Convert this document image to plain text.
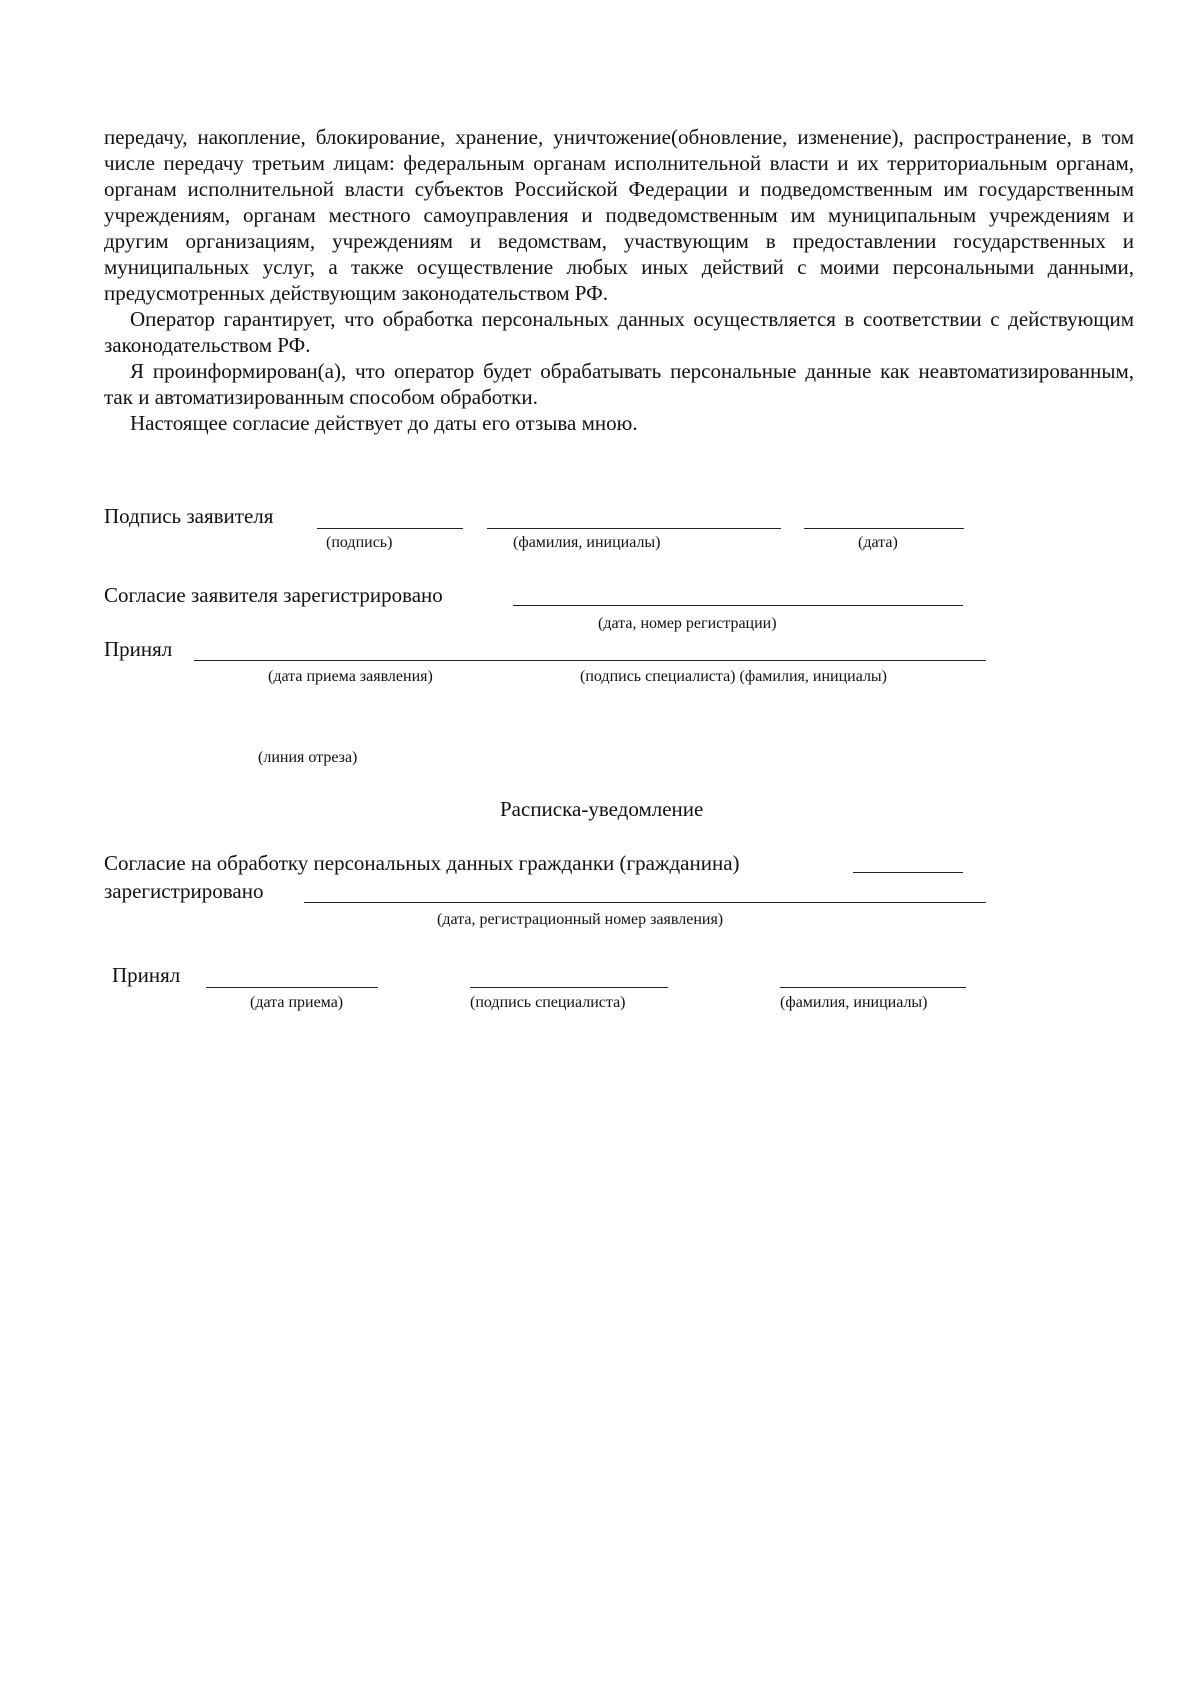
передачу, накопление, блокирование, хранение, уничтожение(обновление, изменение), распространение, в том числе передачу третьим лицам: федеральным органам исполнительной власти и их территориальным органам, органам исполнительной власти субъектов Российской Федерации и подведомственным им государственным учреждениям, органам местного самоуправления и подведомственным им муниципальным учреждениям и другим организациям, учреждениям и ведомствам, участвующим в предоставлении государственных и муниципальных услуг, а также осуществление любых иных действий с моими персональными данными, предусмотренных действующим законодательством РФ.

Оператор гарантирует, что обработка персональных данных осуществляется в соответствии с действующим законодательством РФ.

Я проинформирован(а), что оператор будет обрабатывать персональные данные как неавтоматизированным, так и автоматизированным способом обработки.

Настоящее согласие действует до даты его отзыва мною.

Подпись заявителя
(подпись)	(фамилия, инициалы)	(дата)
Согласие заявителя зарегистрировано
(дата, номер регистрации)
Принял
(дата приема заявления)	(подпись специалиста) (фамилия, инициалы)
(линия отреза)
Расписка-уведомление
Согласие на обработку персональных данных гражданки (гражданина)
зарегистрировано
(дата, регистрационный номер заявления)
Принял
(дата приема)	(подпись специалиста)	(фамилия, инициалы)
